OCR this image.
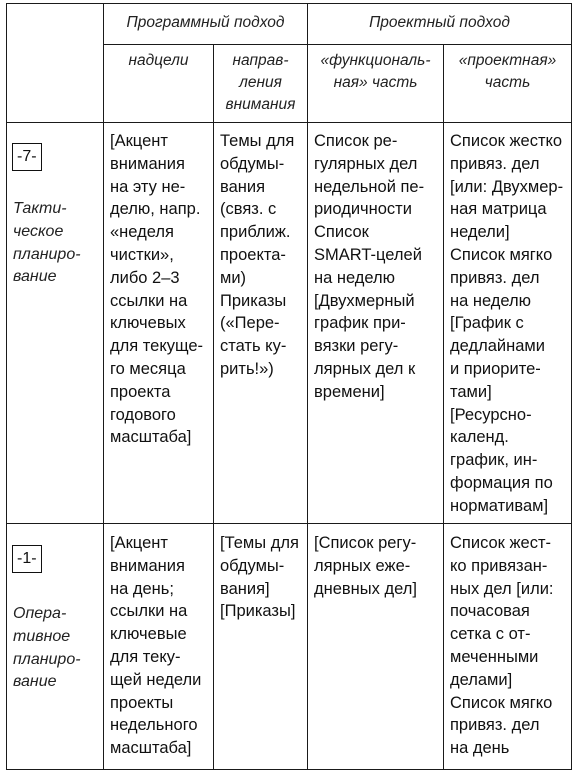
Программный подход	Проектный подход
надцели	направ-
ления
внимания
«функциональ-
ная» часть
«проектная»
часть
-7-
Такти-
ческое
планиро-
вание
[Акцент
внимания
на эту не-
делю, напр.
«неделя
чистки»,
либо 2–3
ссылки на
ключевых
для текуще-
го месяца
проекта
годового
масштаба]
Темы для
обдумы-
вания
(связ. с
приближ.
проекта-
ми)
Приказы
(«Пере-
стать ку-
рить!»)
Список ре-
гулярных дел
недельной пе-
риодичности
Список
SMART-целей
на неделю
[Двухмерный
график при-
вязки регу-
лярных дел к
времени]
Список жестко
привяз. дел
[или: Двухмер-
ная матрица
недели]
Список мягко
привяз. дел
на неделю
[График с
дедлайнами
и приорите-
тами]
[Ресурсно-
календ.
график, ин-
формация по
нормативам]
-1-
Опера-
тивное
планиро-
вание
[Акцент
внимания
на день;
ссылки на
ключевые
для теку-
щей недели
проекты
недельного
масштаба]
[Темы для
обдумы-
вания]
[Приказы]
[Список регу-
лярных еже-
дневных дел]
Список жест-
ко привязан-
ных дел [или:
почасовая
сетка с от-
меченными
делами]
Список мягко
привяз. дел
на день
